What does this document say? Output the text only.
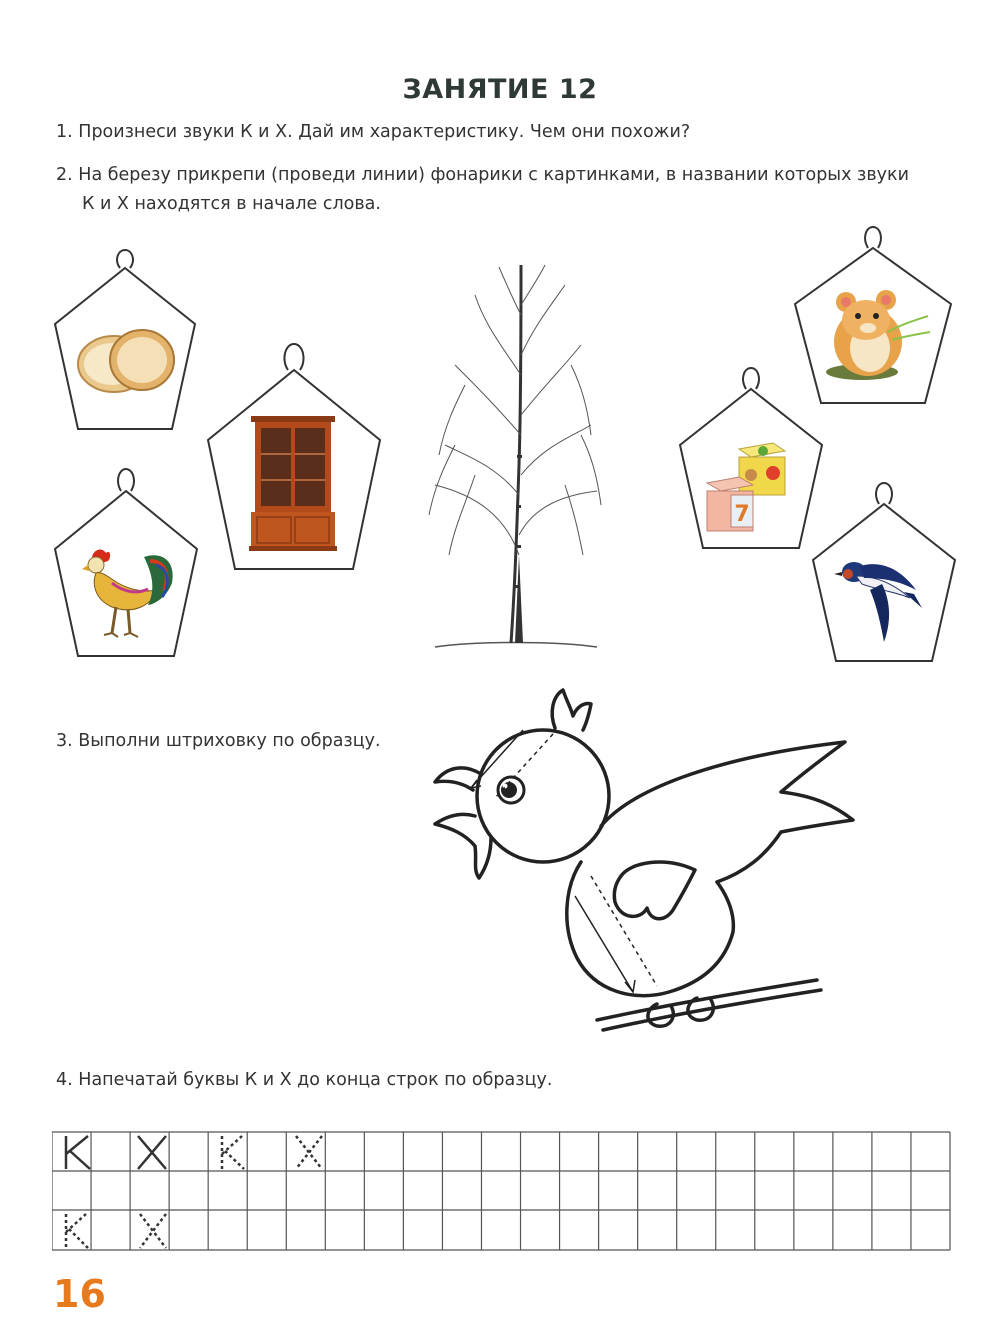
ЗАНЯТИЕ 12
1. Произнеси звуки К и Х. Дай им характеристику. Чем они похожи?
2. На березу прикрепи (проведи линии) фонарики с картинками, в названии которых звуки
К и Х находятся в начале слова.
3. Выполни штриховку по образцу.
4. Напечатай буквы К и Х до конца строк по образцу.
7
16
